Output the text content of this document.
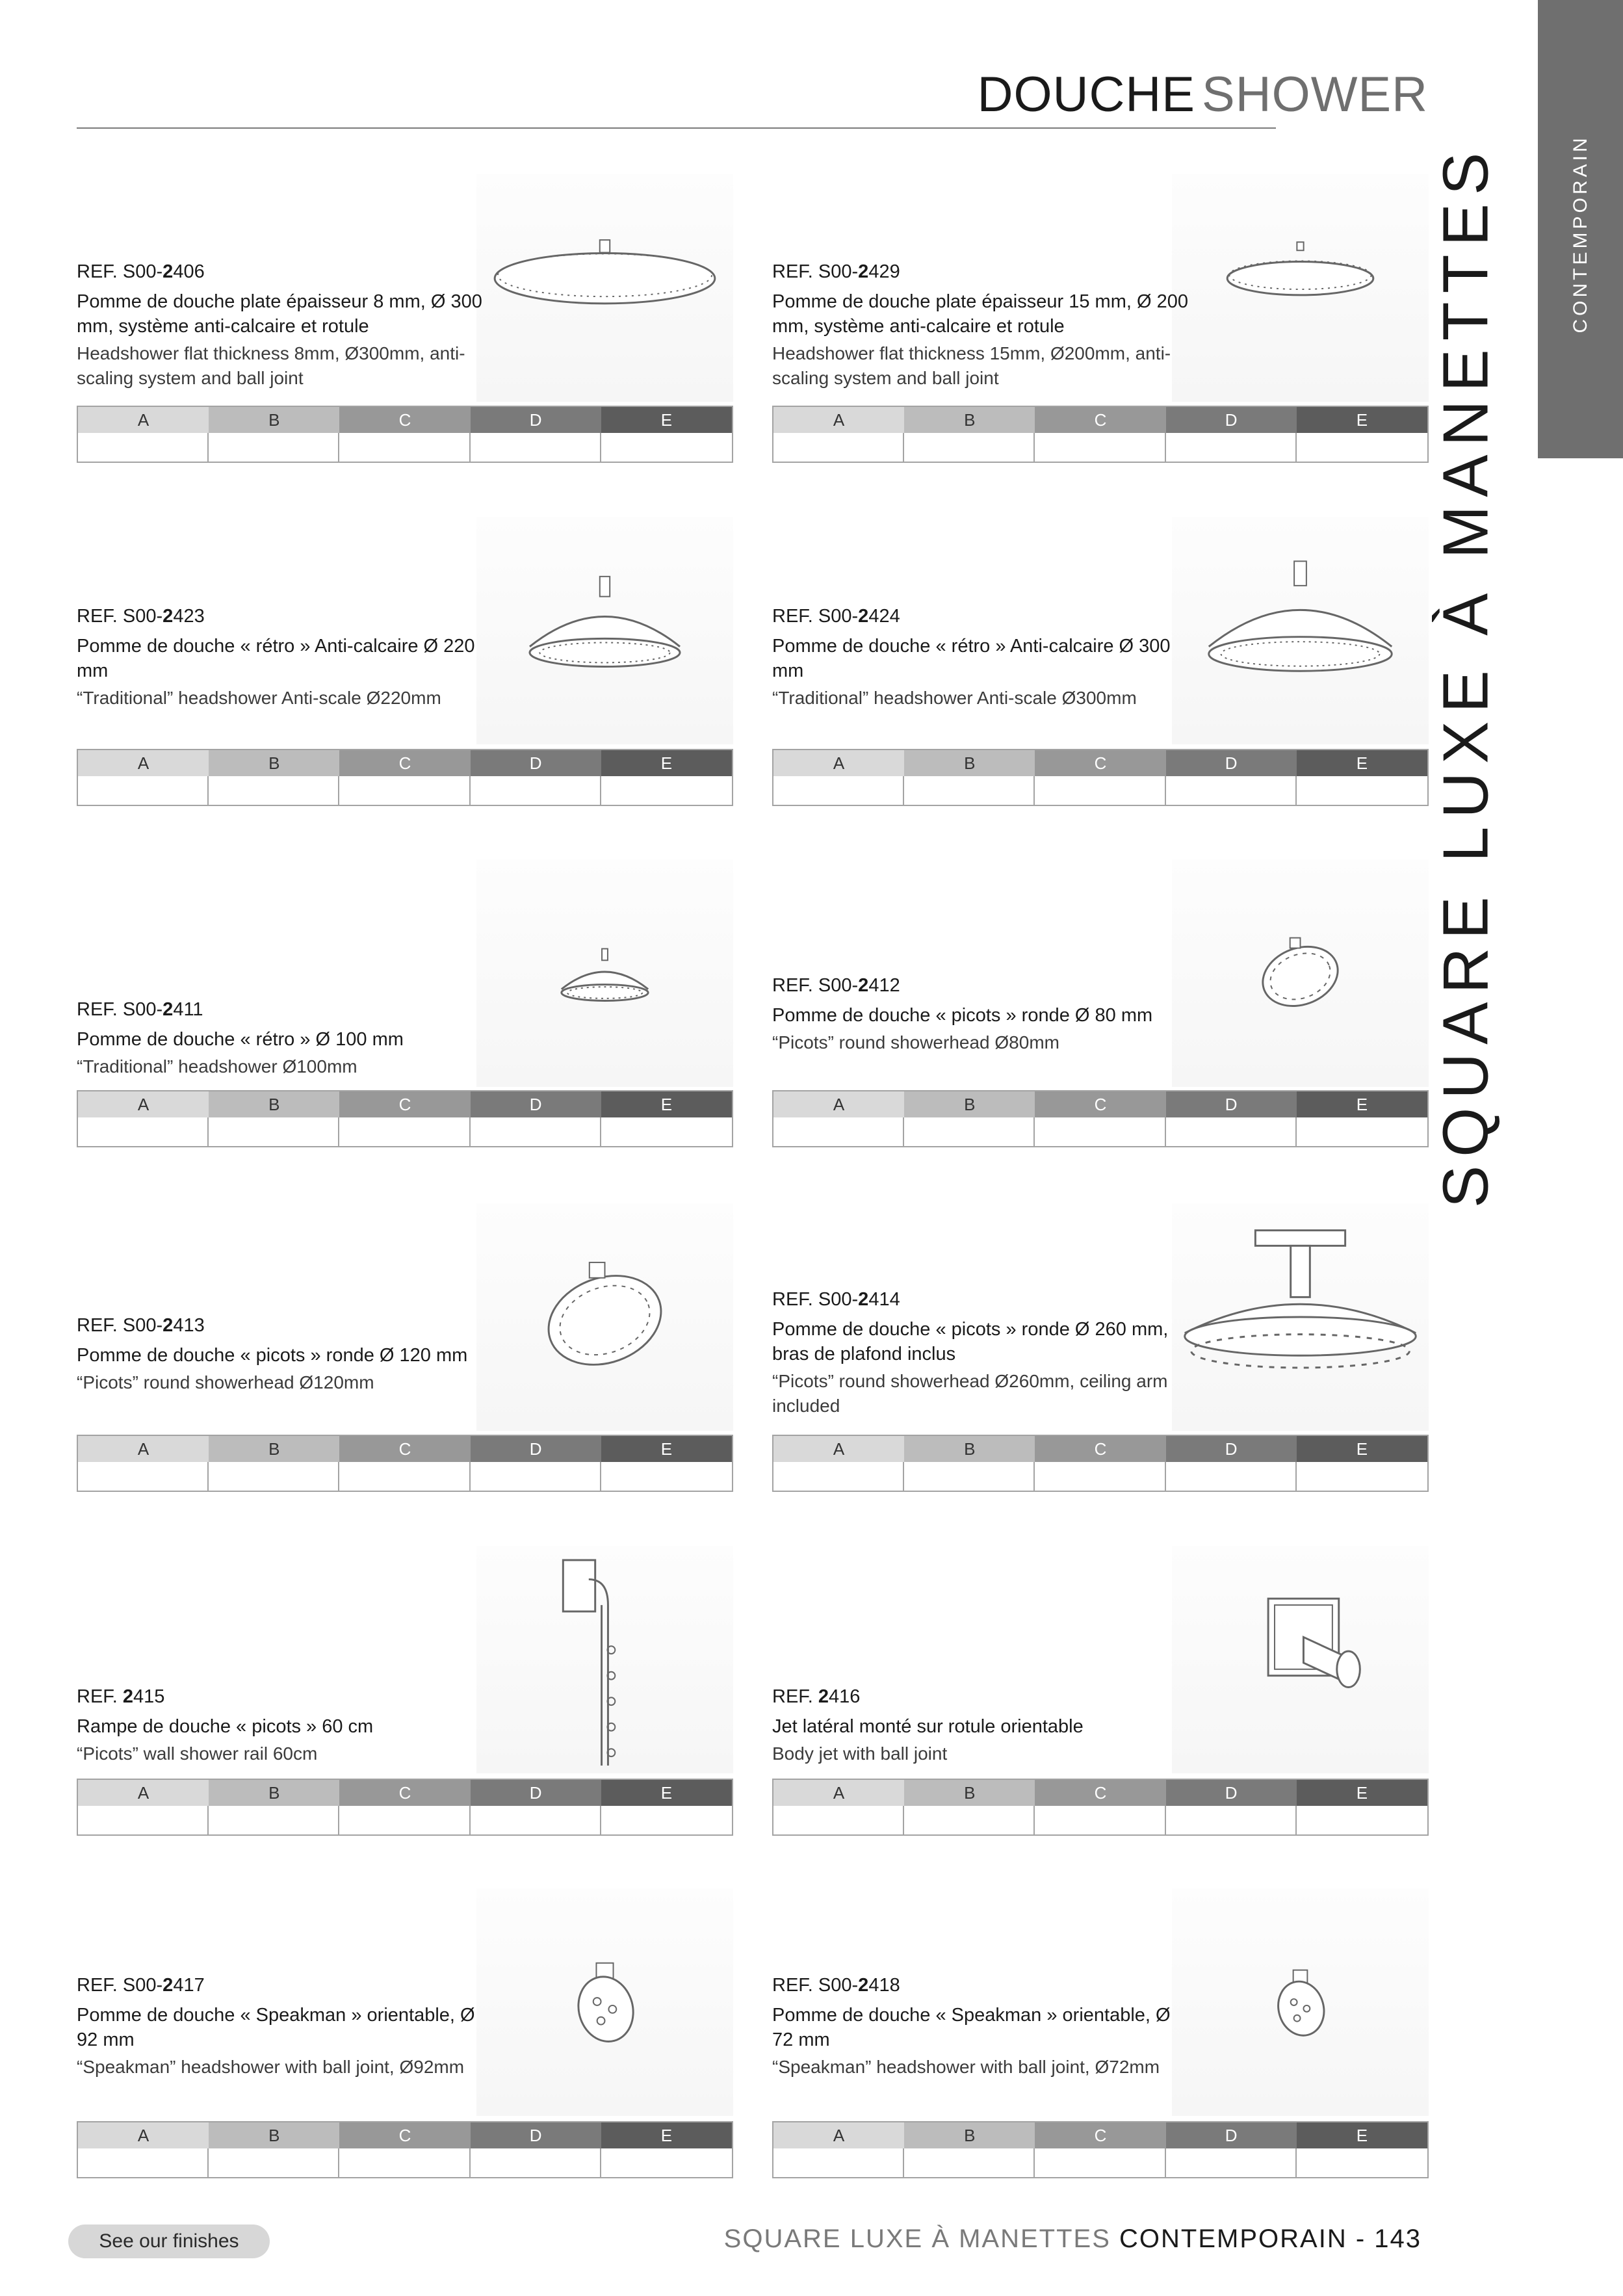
DOUCHE SHOWER
CONTEMPORAIN
SQUARE LUXE À MANETTES
REF. S00-2406
Pomme de douche plate épaisseur 8 mm, Ø 300 mm, système anti-calcaire et rotule
Headshower flat thickness 8mm, Ø300mm, anti-scaling system and ball joint
A	B	C	D	E
REF. S00-2429
Pomme de douche plate épaisseur 15 mm, Ø 200 mm, système anti-calcaire et rotule
Headshower flat thickness 15mm, Ø200mm, anti-scaling system and ball joint
A	B	C	D	E
REF. S00-2423
Pomme de douche « rétro » Anti-calcaire Ø 220 mm
“Traditional” headshower Anti-scale Ø220mm
A	B	C	D	E
REF. S00-2424
Pomme de douche « rétro » Anti-calcaire Ø 300 mm
“Traditional” headshower Anti-scale Ø300mm
A	B	C	D	E
REF. S00-2411
Pomme de douche « rétro » Ø 100 mm
“Traditional” headshower Ø100mm
A	B	C	D	E
REF. S00-2412
Pomme de douche « picots » ronde Ø 80 mm
“Picots” round showerhead Ø80mm
A	B	C	D	E
REF. S00-2413
Pomme de douche « picots » ronde Ø 120 mm
“Picots” round showerhead Ø120mm
A	B	C	D	E
REF. S00-2414
Pomme de douche « picots » ronde Ø 260 mm, bras de plafond inclus
“Picots” round showerhead Ø260mm, ceiling arm included
A	B	C	D	E
REF. 2415
Rampe de douche « picots » 60 cm
“Picots” wall shower rail 60cm
A	B	C	D	E
REF. 2416
Jet latéral monté sur rotule orientable
Body jet with ball joint
A	B	C	D	E
REF. S00-2417
Pomme de douche « Speakman » orientable, Ø 92 mm
“Speakman” headshower with ball joint, Ø92mm
A	B	C	D	E
REF. S00-2418
Pomme de douche « Speakman » orientable, Ø 72 mm
“Speakman” headshower with ball joint, Ø72mm
A	B	C	D	E
See our finishes	SQUARE LUXE À MANETTES CONTEMPORAIN - 143
